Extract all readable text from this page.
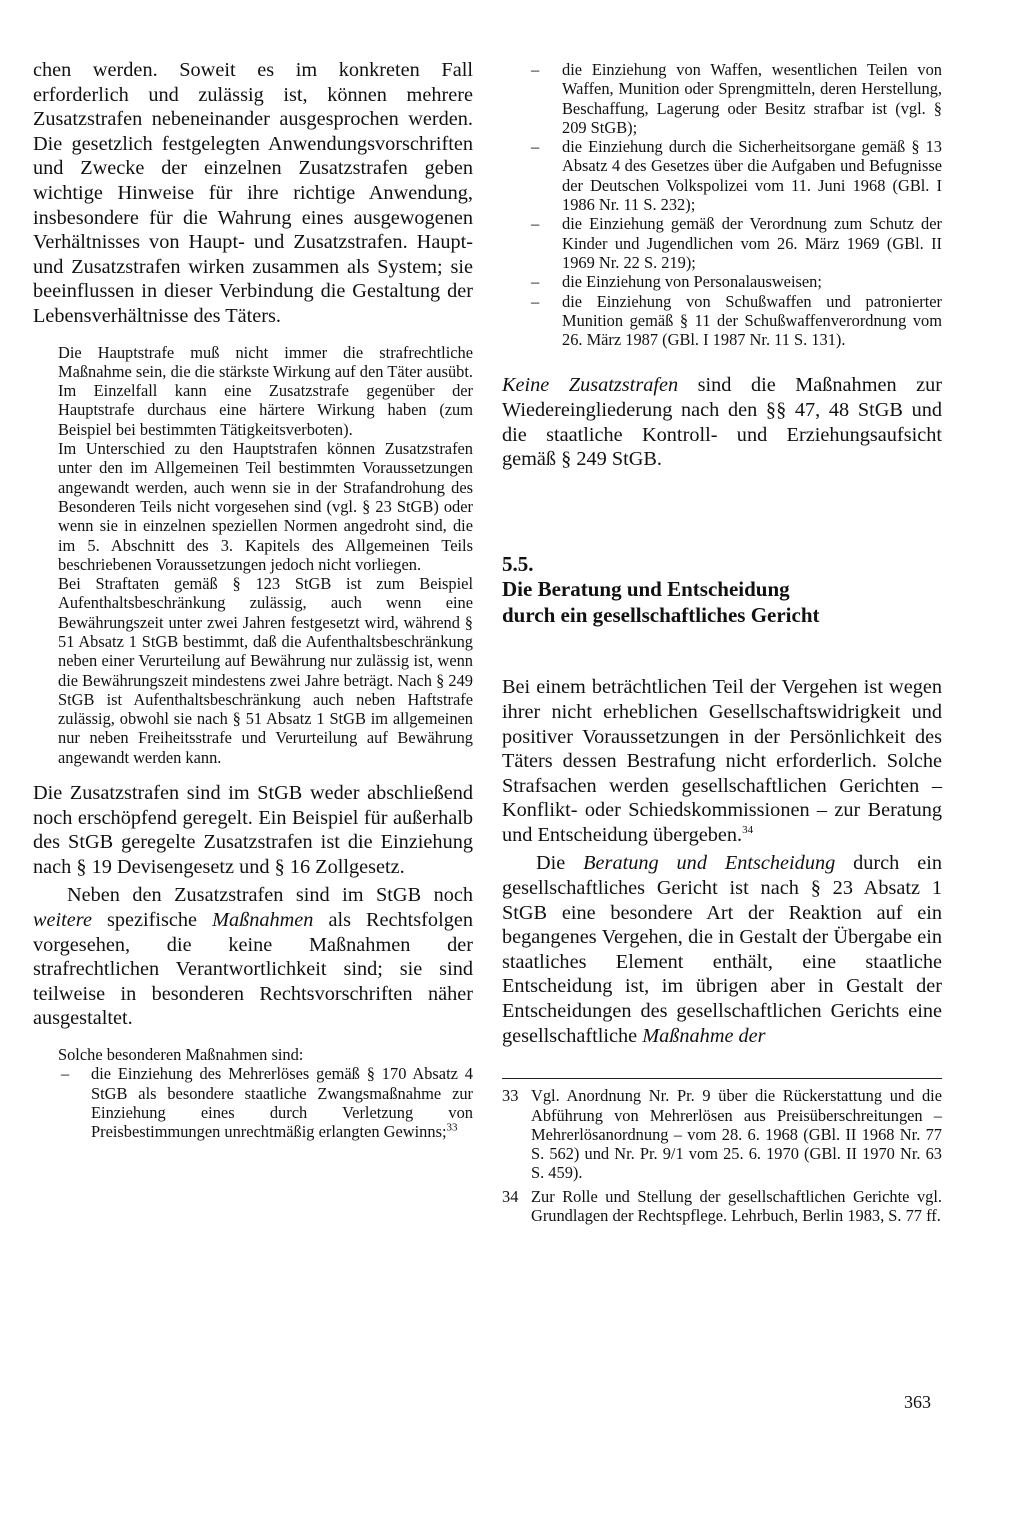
chen werden. Soweit es im konkreten Fall erforderlich und zulässig ist, können mehrere Zusatzstrafen nebeneinander ausgesprochen werden. Die gesetzlich festgelegten Anwendungsvorschriften und Zwecke der einzelnen Zusatzstrafen geben wichtige Hinweise für ihre richtige Anwendung, insbesondere für die Wahrung eines ausgewogenen Verhältnisses von Haupt- und Zusatzstrafen. Haupt- und Zusatzstrafen wirken zusammen als System; sie beeinflussen in dieser Verbindung die Gestaltung der Lebensverhältnisse des Täters.

Die Hauptstrafe muß nicht immer die strafrechtliche Maßnahme sein, die die stärkste Wirkung auf den Täter ausübt. Im Einzelfall kann eine Zusatzstrafe gegenüber der Hauptstrafe durchaus eine härtere Wirkung haben (zum Beispiel bei bestimmten Tätigkeitsverboten).

Im Unterschied zu den Hauptstrafen können Zusatzstrafen unter den im Allgemeinen Teil bestimmten Voraussetzungen angewandt werden, auch wenn sie in der Strafandrohung des Besonderen Teils nicht vorgesehen sind (vgl. § 23 StGB) oder wenn sie in einzelnen speziellen Normen angedroht sind, die im 5. Abschnitt des 3. Kapitels des Allgemeinen Teils beschriebenen Voraussetzungen jedoch nicht vorliegen.

Bei Straftaten gemäß § 123 StGB ist zum Beispiel Aufenthaltsbeschränkung zulässig, auch wenn eine Bewährungszeit unter zwei Jahren festgesetzt wird, während § 51 Absatz 1 StGB bestimmt, daß die Aufenthaltsbeschränkung neben einer Verurteilung auf Bewährung nur zulässig ist, wenn die Bewährungszeit mindestens zwei Jahre beträgt. Nach § 249 StGB ist Aufenthaltsbeschränkung auch neben Haftstrafe zulässig, obwohl sie nach § 51 Absatz 1 StGB im allgemeinen nur neben Freiheitsstrafe und Verurteilung auf Bewährung angewandt werden kann.

Die Zusatzstrafen sind im StGB weder abschließend noch erschöpfend geregelt. Ein Beispiel für außerhalb des StGB geregelte Zusatzstrafen ist die Einziehung nach § 19 Devisengesetz und § 16 Zollgesetz.

Neben den Zusatzstrafen sind im StGB noch weitere spezifische Maßnahmen als Rechtsfolgen vorgesehen, die keine Maßnahmen der strafrechtlichen Verantwortlichkeit sind; sie sind teilweise in besonderen Rechtsvorschriften näher ausgestaltet.

Solche besonderen Maßnahmen sind:

– die Einziehung des Mehrerlöses gemäß § 170 Absatz 4 StGB als besondere staatliche Zwangsmaßnahme zur Einziehung eines durch Verletzung von Preisbestimmungen unrechtmäßig erlangten Gewinns;$^{33}$
– die Einziehung von Waffen, wesentlichen Teilen von Waffen, Munition oder Sprengmitteln, deren Herstellung, Beschaffung, Lagerung oder Besitz strafbar ist (vgl. § 209 StGB);
– die Einziehung durch die Sicherheitsorgane gemäß § 13 Absatz 4 des Gesetzes über die Aufgaben und Befugnisse der Deutschen Volkspolizei vom 11. Juni 1968 (GBl. I 1986 Nr. 11 S. 232);
– die Einziehung gemäß der Verordnung zum Schutz der Kinder und Jugendlichen vom 26. März 1969 (GBl. II 1969 Nr. 22 S. 219);
– die Einziehung von Personalausweisen;
– die Einziehung von Schußwaffen und patronierter Munition gemäß § 11 der Schußwaffenverordnung vom 26. März 1987 (GBl. I 1987 Nr. 11 S. 131).

Keine Zusatzstrafen sind die Maßnahmen zur Wiedereingliederung nach den §§ 47, 48 StGB und die staatliche Kontroll- und Erziehungsaufsicht gemäß § 249 StGB.

5.5.
Die Beratung und Entscheidung
durch ein gesellschaftliches Gericht

Bei einem beträchtlichen Teil der Vergehen ist wegen ihrer nicht erheblichen Gesellschaftswidrigkeit und positiver Voraussetzungen in der Persönlichkeit des Täters dessen Bestrafung nicht erforderlich. Solche Strafsachen werden gesellschaftlichen Gerichten – Konflikt- oder Schiedskommissionen – zur Beratung und Entscheidung übergeben.$^{34}$

Die Beratung und Entscheidung durch ein gesellschaftliches Gericht ist nach § 23 Absatz 1 StGB eine besondere Art der Reaktion auf ein begangenes Vergehen, die in Gestalt der Übergabe ein staatliches Element enthält, eine staatliche Entscheidung ist, im übrigen aber in Gestalt der Entscheidungen des gesellschaftlichen Gerichts eine gesellschaftliche Maßnahme der

33 Vgl. Anordnung Nr. Pr. 9 über die Rückerstattung und die Abführung von Mehrerlösen aus Preisüberschreitungen – Mehrerlösanordnung – vom 28. 6. 1968 (GBl. II 1968 Nr. 77 S. 562) und Nr. Pr. 9/1 vom 25. 6. 1970 (GBl. II 1970 Nr. 63 S. 459).
34 Zur Rolle und Stellung der gesellschaftlichen Gerichte vgl. Grundlagen der Rechtspflege. Lehrbuch, Berlin 1983, S. 77 ff.
363
